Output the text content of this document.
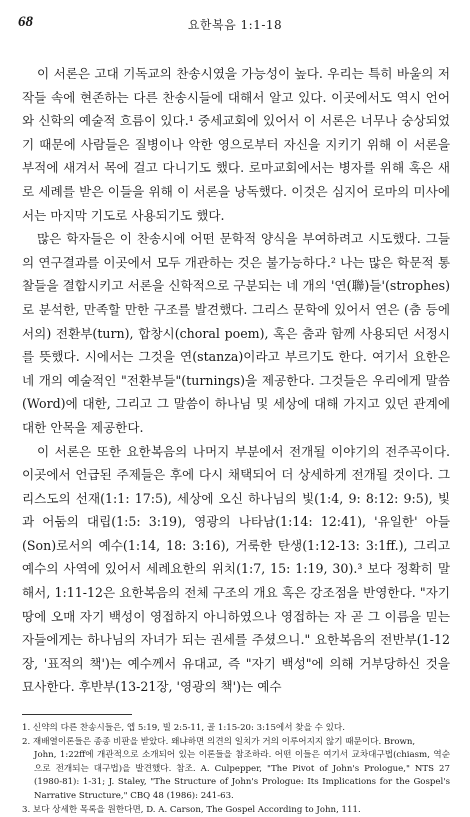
68	요한복음 1:1-18

이 서론은 고대 기독교의 찬송시였을 가능성이 높다. 우리는 특히 바울의 저작들 속에 현존하는 다른 찬송시들에 대해서 알고 있다. 이곳에서도 역시 언어와 신학의 예술적 흐름이 있다.¹ 중세교회에 있어서 이 서론은 너무나 숭상되었기 때문에 사람들은 질병이나 악한 영으로부터 자신을 지키기 위해 이 서론을 부적에 새겨서 목에 걸고 다니기도 했다. 로마교회에서는 병자를 위해 혹은 새로 세례를 받은 이들을 위해 이 서론을 낭독했다. 이것은 심지어 로마의 미사에서는 마지막 기도로 사용되기도 했다.

많은 학자들은 이 찬송시에 어떤 문학적 양식을 부여하려고 시도했다. 그들의 연구결과를 이곳에서 모두 개관하는 것은 불가능하다.² 나는 많은 학문적 통찰들을 결합시키고 서론을 신학적으로 구분되는 네 개의 '연(聯)들'(strophes)로 분석한, 만족할 만한 구조를 발견했다. 그리스 문학에 있어서 연은 (춤 등에서의) 전환부(turn), 합창시(choral poem), 혹은 춤과 함께 사용되던 서정시를 뜻했다. 시에서는 그것을 연(stanza)이라고 부르기도 한다. 여기서 요한은 네 개의 예술적인 "전환부들"(turnings)을 제공한다. 그것들은 우리에게 말씀(Word)에 대한, 그리고 그 말씀이 하나님 및 세상에 대해 가지고 있던 관계에 대한 안목을 제공한다.

이 서론은 또한 요한복음의 나머지 부분에서 전개될 이야기의 전주곡이다. 이곳에서 언급된 주제들은 후에 다시 채택되어 더 상세하게 전개될 것이다. 그리스도의 선재(1:1: 17:5), 세상에 오신 하나님의 빛(1:4, 9: 8:12: 9:5), 빛과 어둠의 대립(1:5: 3:19), 영광의 나타남(1:14: 12:41), '유일한' 아들(Son)로서의 예수(1:14, 18: 3:16), 거룩한 탄생(1:12-13: 3:1ff.), 그리고 예수의 사역에 있어서 세례요한의 위치(1:7, 15: 1:19, 30).³ 보다 정확히 말해서, 1:11-12은 요한복음의 전체 구조의 개요 혹은 강조점을 반영한다. "자기 땅에 오매 자기 백성이 영접하지 아니하였으나 영접하는 자 곧 그 이름을 믿는 자들에게는 하나님의 자녀가 되는 권세를 주셨으니." 요한복음의 전반부(1-12장, '표적의 책')는 예수께서 유대교, 즉 "자기 백성"에 의해 거부당하신 것을 묘사한다. 후반부(13-21장, '영광의 책')는 예수

1. 신약의 다른 찬송시들은, 엡 5:19, 빌 2:5-11, 골 1:15-20: 3:15에서 찾을 수 있다.

2. 재배열이론들은 종종 비판을 받았다. 왜냐하면 의견의 일치가 거의 이루어지지 않기 때문이다. Brown,

John, 1:22ff에 개관적으로 소개되어 있는 이론들을 참조하라. 어떤 이들은 여기서 교차대구법(chiasm, 역순으로 전개되는 대구법)을 발견했다. 참조. A. Culpepper, "The Pivot of John's Prologue," NTS 27 (1980-81): 1-31; J. Staley, "The Structure of John's Prologue: Its Implications for the Gospel's Narrative Structure," CBQ 48 (1986): 241-63.

3. 보다 상세한 목록을 원한다면, D. A. Carson, The Gospel According to John, 111.
